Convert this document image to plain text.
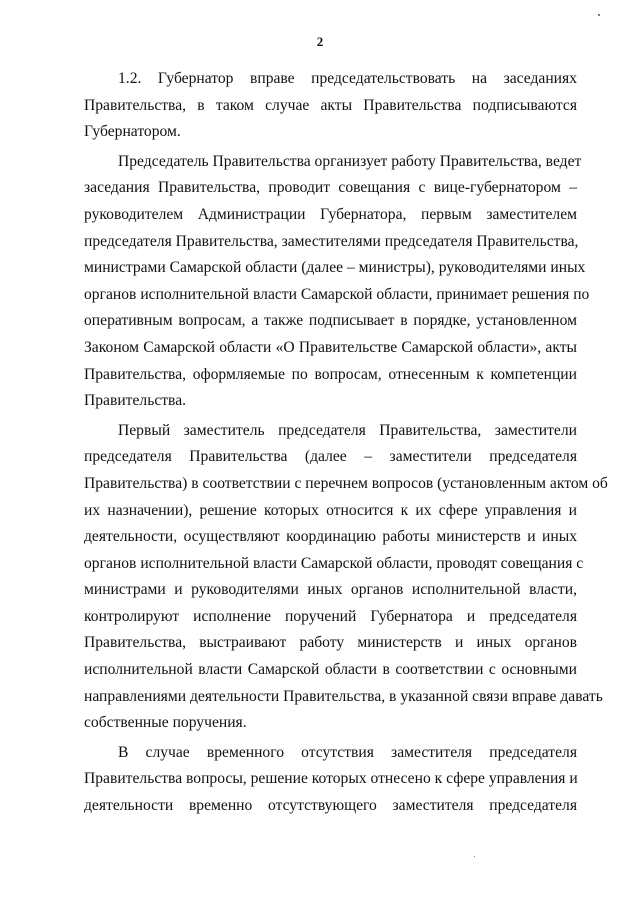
2

1.2. Губернатор вправе председательствовать на заседаниях
Правительства, в таком случае акты Правительства подписываются
Губернатором.

Председатель Правительства организует работу Правительства, ведет
заседания Правительства, проводит совещания с вице-губернатором –
руководителем Администрации Губернатора, первым заместителем
председателя Правительства, заместителями председателя Правительства,
министрами Самарской области (далее – министры), руководителями иных
органов исполнительной власти Самарской области, принимает решения по
оперативным вопросам, а также подписывает в порядке, установленном
Законом Самарской области «О Правительстве Самарской области», акты
Правительства, оформляемые по вопросам, отнесенным к компетенции
Правительства.

Первый заместитель председателя Правительства, заместители
председателя Правительства (далее – заместители председателя
Правительства) в соответствии с перечнем вопросов (установленным актом об
их назначении), решение которых относится к их сфере управления и
деятельности, осуществляют координацию работы министерств и иных
органов исполнительной власти Самарской области, проводят совещания с
министрами и руководителями иных органов исполнительной власти,
контролируют исполнение поручений Губернатора и председателя
Правительства, выстраивают работу министерств и иных органов
исполнительной власти Самарской области в соответствии с основными
направлениями деятельности Правительства, в указанной связи вправе давать
собственные поручения.

В случае временного отсутствия заместителя председателя
Правительства вопросы, решение которых отнесено к сфере управления и
деятельности временно отсутствующего заместителя председателя
